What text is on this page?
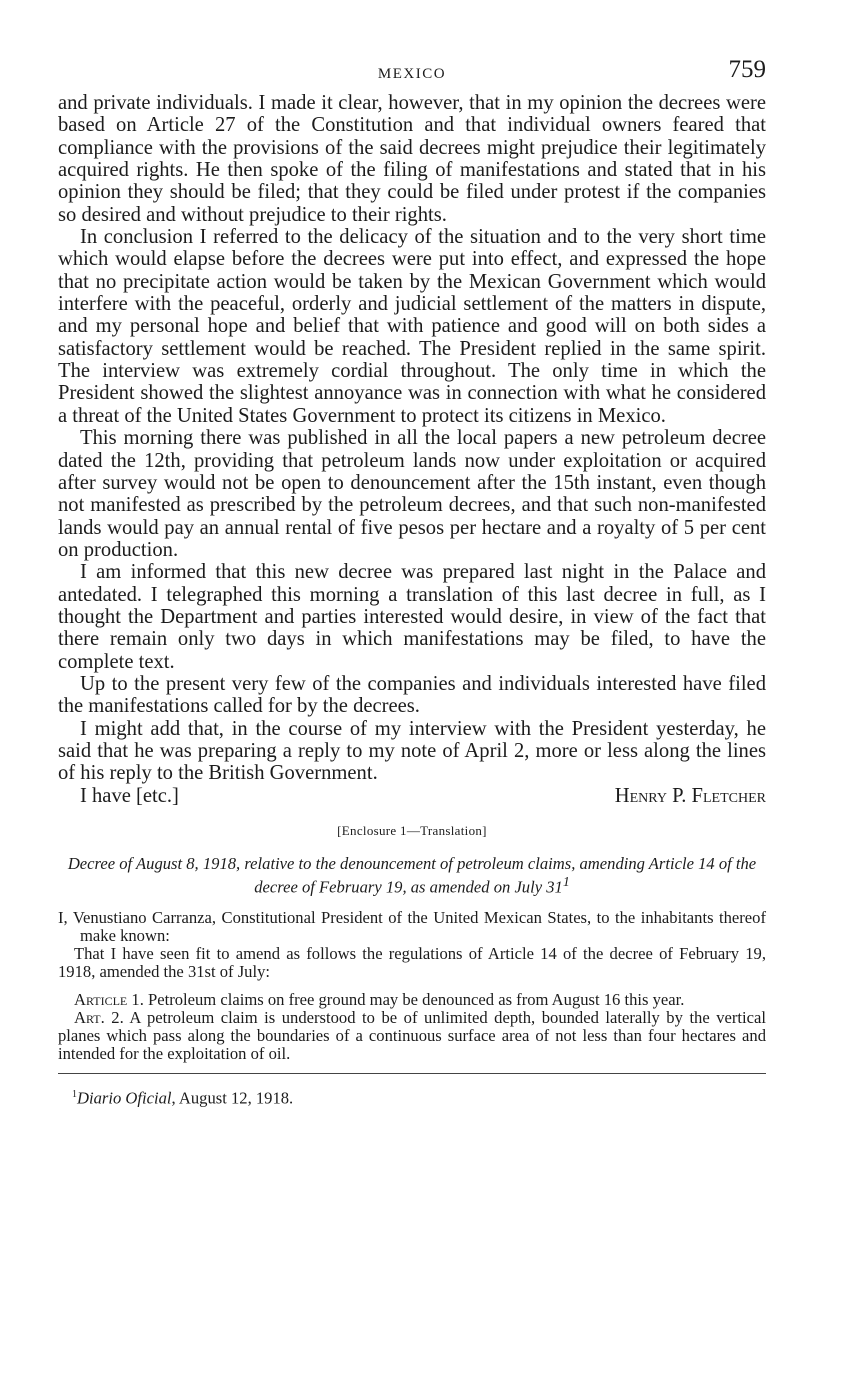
MEXICO	759

and private individuals. I made it clear, however, that in my opinion the decrees were based on Article 27 of the Constitution and that individual owners feared that compliance with the provisions of the said decrees might prejudice their legitimately acquired rights. He then spoke of the filing of manifestations and stated that in his opinion they should be filed; that they could be filed under protest if the companies so desired and without prejudice to their rights.

In conclusion I referred to the delicacy of the situation and to the very short time which would elapse before the decrees were put into effect, and expressed the hope that no precipitate action would be taken by the Mexican Government which would interfere with the peaceful, orderly and judicial settlement of the matters in dispute, and my personal hope and belief that with patience and good will on both sides a satisfactory settlement would be reached. The President replied in the same spirit. The interview was extremely cordial throughout. The only time in which the President showed the slightest annoyance was in connection with what he considered a threat of the United States Government to protect its citizens in Mexico.

This morning there was published in all the local papers a new petroleum decree dated the 12th, providing that petroleum lands now under exploitation or acquired after survey would not be open to denouncement after the 15th instant, even though not manifested as prescribed by the petroleum decrees, and that such non-manifested lands would pay an annual rental of five pesos per hectare and a royalty of 5 per cent on production.

I am informed that this new decree was prepared last night in the Palace and antedated. I telegraphed this morning a translation of this last decree in full, as I thought the Department and parties interested would desire, in view of the fact that there remain only two days in which manifestations may be filed, to have the complete text.

Up to the present very few of the companies and individuals interested have filed the manifestations called for by the decrees.

I might add that, in the course of my interview with the President yesterday, he said that he was preparing a reply to my note of April 2, more or less along the lines of his reply to the British Government.

I have [etc.]	Henry P. Fletcher
[Enclosure 1—Translation]
Decree of August 8, 1918, relative to the denouncement of petroleum claims, amending Article 14 of the decree of February 19, as amended on July $31^1$

I, Venustiano Carranza, Constitutional President of the United Mexican States, to the inhabitants thereof make known:

That I have seen fit to amend as follows the regulations of Article 14 of the decree of February 19, 1918, amended the 31st of July:

Article 1. Petroleum claims on free ground may be denounced as from August 16 this year.

Art. 2. A petroleum claim is understood to be of unlimited depth, bounded laterally by the vertical planes which pass along the boundaries of a continuous surface area of not less than four hectares and intended for the exploitation of oil.

$^1$Diario Oficial, August 12, 1918.
